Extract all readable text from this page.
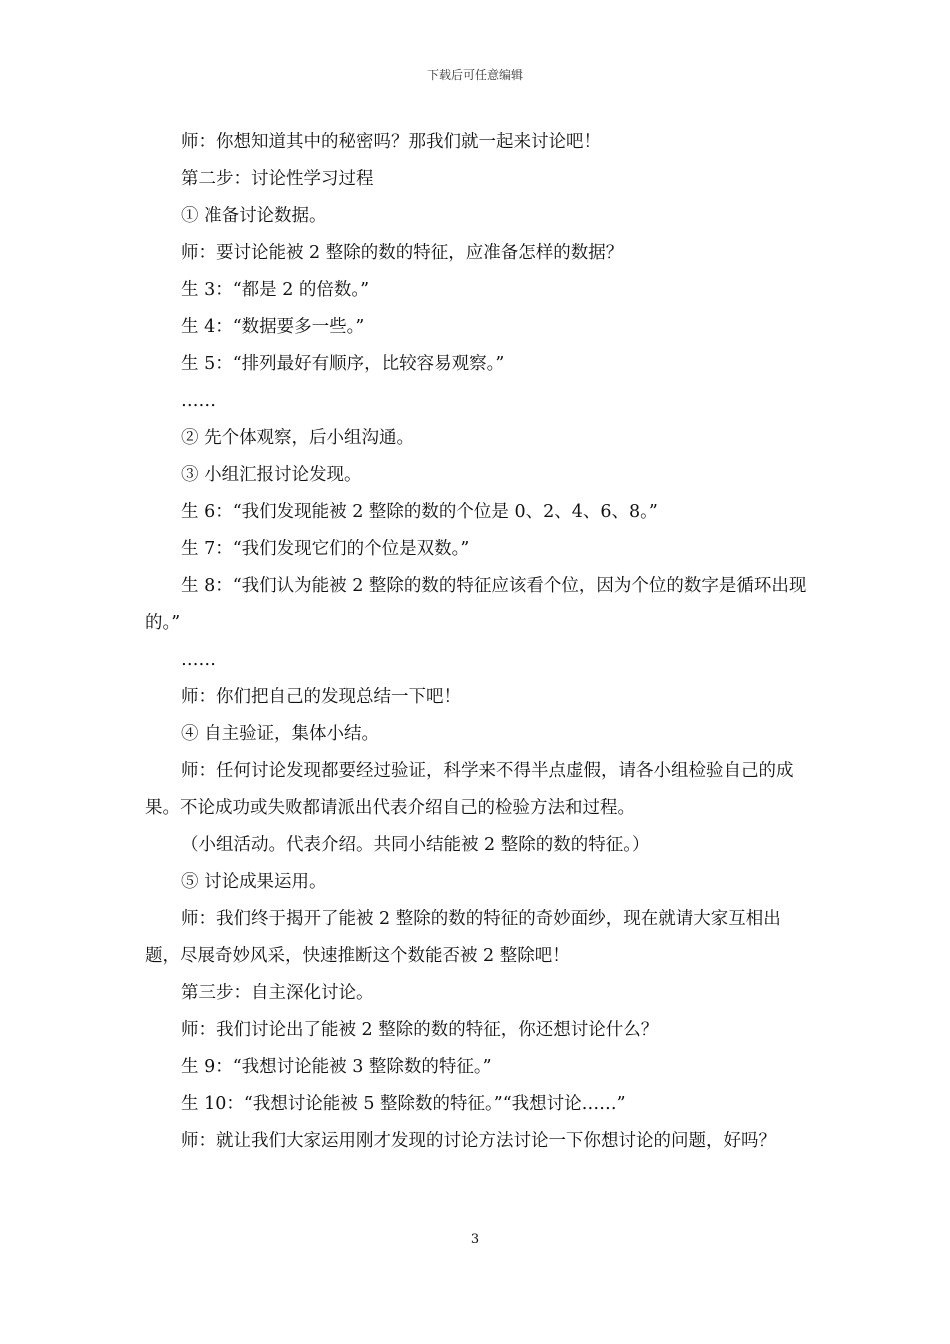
下载后可任意编辑

师：你想知道其中的秘密吗？那我们就一起来讨论吧！

第二步：讨论性学习过程

① 准备讨论数据。

师：要讨论能被 2 整除的数的特征，应准备怎样的数据？

生 3：“都是 2 的倍数。”

生 4：“数据要多一些。”

生 5：“排列最好有顺序，比较容易观察。”

……

② 先个体观察，后小组沟通。

③ 小组汇报讨论发现。

生 6：“我们发现能被 2 整除的数的个位是 0、2、4、6、8。”

生 7：“我们发现它们的个位是双数。”

生 8：“我们认为能被 2 整除的数的特征应该看个位，因为个位的数字是循环出现的。”

……

师：你们把自己的发现总结一下吧！

④ 自主验证，集体小结。

师：任何讨论发现都要经过验证，科学来不得半点虚假，请各小组检验自己的成果。不论成功或失败都请派出代表介绍自己的检验方法和过程。

（小组活动。代表介绍。共同小结能被 2 整除的数的特征。）

⑤ 讨论成果运用。

师：我们终于揭开了能被 2 整除的数的特征的奇妙面纱，现在就请大家互相出题，尽展奇妙风采，快速推断这个数能否被 2 整除吧！

第三步：自主深化讨论。

师：我们讨论出了能被 2 整除的数的特征，你还想讨论什么？

生 9：“我想讨论能被 3 整除数的特征。”

生 10：“我想讨论能被 5 整除数的特征。”“我想讨论……”

师：就让我们大家运用刚才发现的讨论方法讨论一下你想讨论的问题，好吗？

3
